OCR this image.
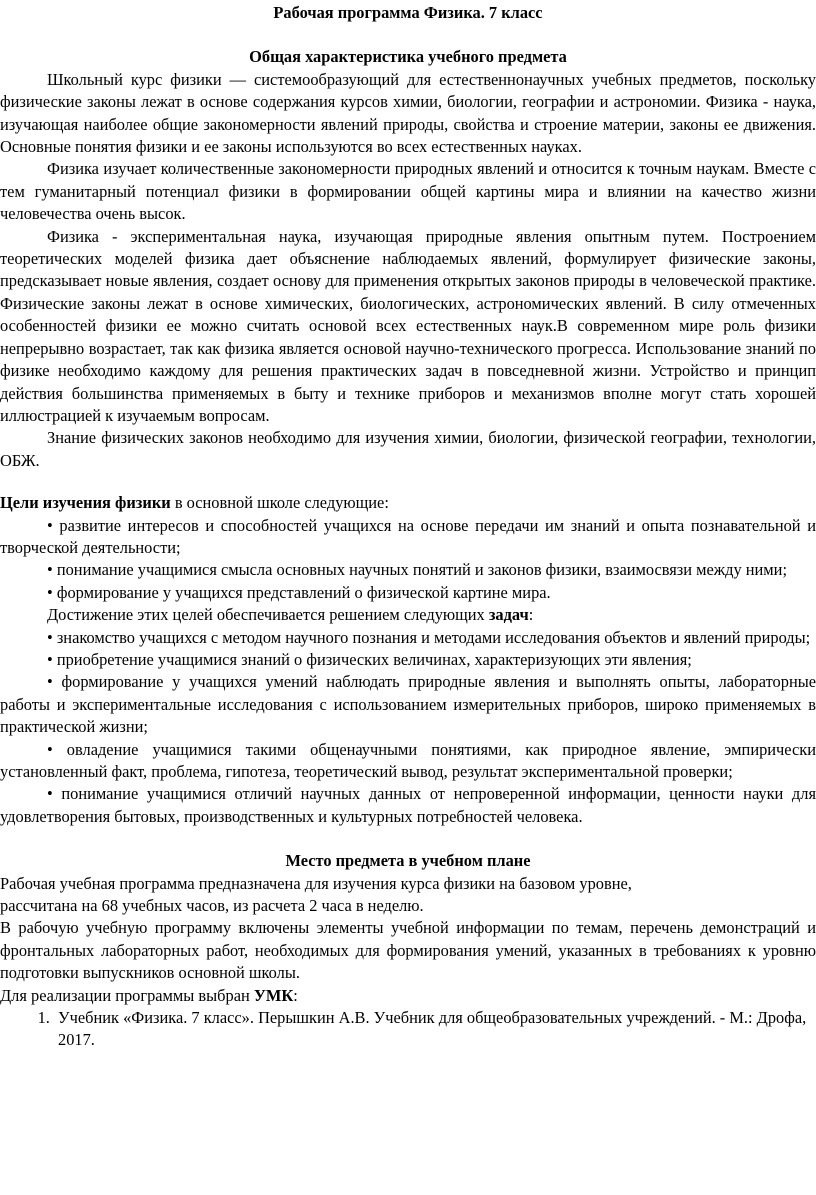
Рабочая программа Физика. 7 класс

Общая характеристика учебного предмета

Школьный курс физики — системообразующий для естественнонаучных учебных предметов, поскольку физические законы лежат в основе содержания курсов химии, биологии, географии и астрономии. Физика - наука, изучающая наиболее общие закономерности явлений природы, свойства и строение материи, законы ее движения. Основные понятия физики и ее законы используются во всех естественных науках.

Физика изучает количественные закономерности природных явлений и относится к точным наукам. Вместе с тем гуманитарный потенциал физики в формировании общей картины мира и влиянии на качество жизни человечества очень высок.

Физика - экспериментальная наука, изучающая природные явления опытным путем. Построением теоретических моделей физика дает объяснение наблюдаемых явлений, формулирует физические законы, предсказывает новые явления, создает основу для применения открытых законов природы в человеческой практике. Физические законы лежат в основе химических, биологических, астрономических явлений. В силу отмеченных особенностей физики ее можно считать основой всех естественных наук.В современном мире роль физики непрерывно возрастает, так как физика является основой научно-технического прогресса. Использование знаний по физике необходимо каждому для решения практических задач в повседневной жизни. Устройство и принцип действия большинства применяемых в быту и технике приборов и механизмов вполне могут стать хорошей иллюстрацией к изучаемым вопросам.

Знание физических законов необходимо для изучения химии, биологии, физической географии, технологии, ОБЖ.

Цели изучения физики в основной школе следующие:

• развитие интересов и способностей учащихся на основе передачи им знаний и опыта познавательной и творческой деятельности;

• понимание учащимися смысла основных научных понятий и законов физики, взаимосвязи между ними;

• формирование у учащихся представлений о физической картине мира.

Достижение этих целей обеспечивается решением следующих задач:

• знакомство учащихся с методом научного познания и методами исследования объектов и явлений природы;

• приобретение учащимися знаний о физических величинах, характеризующих эти явления;

• формирование у учащихся умений наблюдать природные явления и выполнять опыты, лабораторные работы и экспериментальные исследования с использованием измерительных приборов, широко применяемых в практической жизни;

• овладение учащимися такими общенаучными понятиями, как природное явление, эмпирически установленный факт, проблема, гипотеза, теоретический вывод, результат экспериментальной проверки;

• понимание учащимися отличий научных данных от непроверенной информации, ценности науки для удовлетворения бытовых, производственных и культурных потребностей человека.

Место предмета в учебном плане

Рабочая учебная программа предназначена для изучения курса физики на базовом уровне,

рассчитана на 68 учебных часов, из расчета 2 часа в неделю.

В рабочую учебную программу включены элементы учебной информации по темам, перечень демонстраций и фронтальных лабораторных работ, необходимых для формирования умений, указанных в требованиях к уровню подготовки выпускников основной школы.

Для реализации программы выбран УМК:

1. Учебник «Физика. 7 класс». Перышкин А.В. Учебник для общеобразовательных учреждений. - М.: Дрофа, 2017.
